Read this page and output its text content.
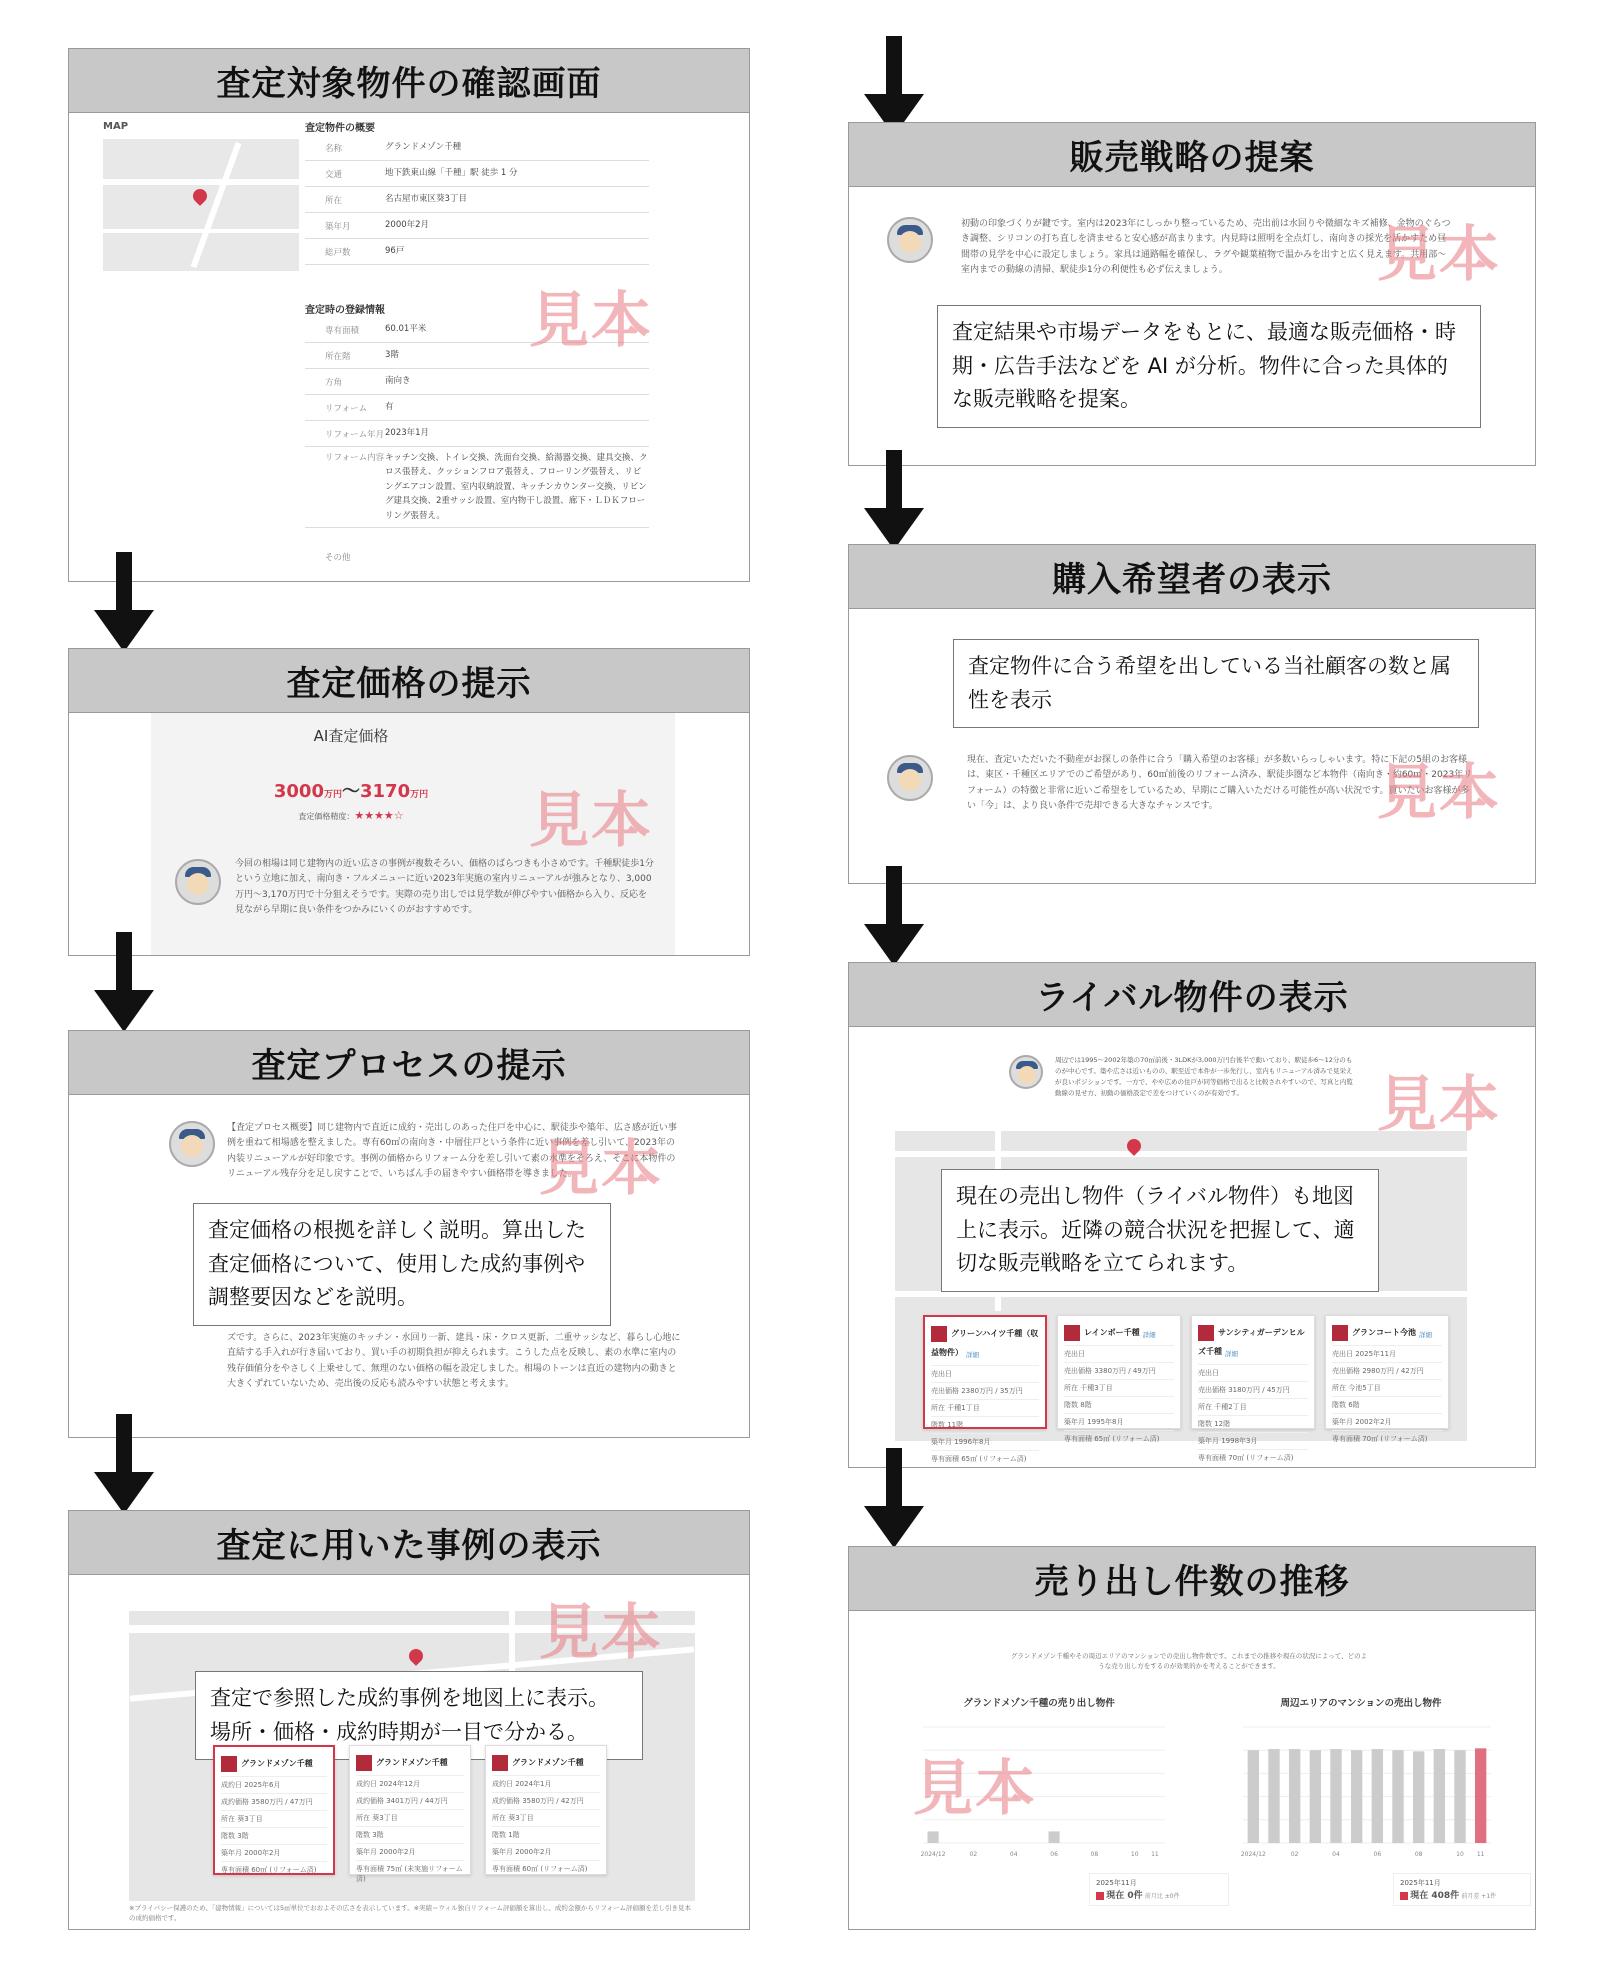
査定対象物件の確認画面
MAP	査定物件の概要
名称	グランドメゾン千種
交通	地下鉄東山線「千種」駅 徒歩 1 分
所在	名古屋市東区葵3丁目
築年月	2000年2月
総戸数	96戸
査定時の登録情報
専有面積	60.01平米
所在階	3階
方角	南向き
リフォーム	有
リフォーム年月 2023年1月
リフォーム内容 キッチン交換、トイレ交換、洗面台交換、給湯器交換、建具交換、クロス張替え、クッションフロア張替え、フローリング張替え、リビングエアコン設置、室内収納設置、キッチンカウンター交換、リビング建具交換、2重サッシ設置、室内物干し設置、廊下・ＬＤＫフローリング張替え。
その他
見本
査定価格の提示
AI査定価格
3000万円〜3170万円
査定価格精度：★★★★☆
今回の相場は同じ建物内の近い広さの事例が複数そろい、価格のばらつきも小さめです。千種駅徒歩1分という立地に加え、南向き・フルメニューに近い2023年実施の室内リニューアルが強みとなり、3,000万円〜3,170万円で十分狙えそうです。実際の売り出しでは見学数が伸びやすい価格から入り、反応を見ながら早期に良い条件をつかみにいくのがおすすめです。
見本
査定プロセスの提示
【査定プロセス概要】同じ建物内で直近に成約・売出しのあった住戸を中心に、駅徒歩や築年、広さ感が近い事例を重ねて相場感を整えました。専有60㎡の南向き・中層住戸という条件に近い事例を差し引いて、2023年の内装リニューアルが好印象です。事例の価格からリフォーム分を差し引いて素の水準をそろえ、そこに本物件のリニューアル残存分を足し戻すことで、いちばん手の届きやすい価格帯を導きました。
査定価格の根拠を詳しく説明。算出した査定価格について、使用した成約事例や調整要因などを説明。
ズです。さらに、2023年実施のキッチン・水回り一新、建具・床・クロス更新、二重サッシなど、暮らし心地に直結する手入れが行き届いており、買い手の初期負担が抑えられます。こうした点を反映し、素の水準に室内の残存価値分をやさしく上乗せして、無理のない価格の幅を設定しました。相場のトーンは直近の建物内の動きと大きくずれていないため、売出後の反応も読みやすい状態と考えます。
見本
査定に用いた事例の表示
査定で参照した成約事例を地図上に表示。場所・価格・成約時期が一目で分かる。
グランドメゾン千種
成約日 2025年6月
成約価格 3580万円 / 47万円
所在 葵3丁目
階数 3階
築年月 2000年2月
専有面積 60㎡ (リフォーム済)
グランドメゾン千種
成約日 2024年12月
成約価格 3401万円 / 44万円
所在 葵3丁目
階数 3階
築年月 2000年2月
専有面積 75㎡ (未実施リフォーム済)
グランドメゾン千種
成約日 2024年1月
成約価格 3580万円 / 42万円
所在 葵3丁目
階数 1階
築年月 2000年2月
専有面積 60㎡ (リフォーム済)
※プライバシー保護のため、「建物情報」については5㎡単位でおおよその広さを表示しています。※実績＝ウィル独自リフォーム評価額を算出し、成約金額からリフォーム評価額を差し引き見本の成約価格です。
見本
販売戦略の提案
初動の印象づくりが鍵です。室内は2023年にしっかり整っているため、売出前は水回りや微細なキズ補修、金物のぐらつき調整、シリコンの打ち直しを済ませると安心感が高まります。内見時は照明を全点灯し、南向きの採光を活かすため昼間帯の見学を中心に設定しましょう。家具は通路幅を確保し、ラグや観葉植物で温かみを出すと広く見えます。共用部〜室内までの動線の清掃、駅徒歩1分の利便性も必ず伝えましょう。
査定結果や市場データをもとに、最適な販売価格・時期・広告手法などを AI が分析。物件に合った具体的な販売戦略を提案。
見本
購入希望者の表示
査定物件に合う希望を出している当社顧客の数と属性を表示
現在、査定いただいた不動産がお探しの条件に合う「購入希望のお客様」が多数いらっしゃいます。特に下記の5組のお客様は、東区・千種区エリアでのご希望があり、60㎡前後のリフォーム済み、駅徒歩圏など本物件（南向き・約60㎡・2023年リフォーム）の特徴と非常に近いご希望をしているため、早期にご購入いただける可能性が高い状況です。買いたいお客様が多い「今」は、より良い条件で売却できる大きなチャンスです。	見本
ライバル物件の表示
周辺では1995〜2002年築の70㎡前後・3LDKが3,000万円台後半で動いており、駅徒歩6〜12分のものが中心です。築や広さは近いものの、駅至近で本件が一歩先行し、室内もリニューアル済みで見栄えが良いポジションです。一方で、やや広めの住戸が同等価格で出ると比較されやすいので、写真と内覧動線の見せ方、初動の価格設定で差をつけていくのが有効です。
現在の売出し物件（ライバル物件）も地図上に表示。近隣の競合状況を把握して、適切な販売戦略を立てられます。
グリーンハイツ千種（収益物件） 詳細
売出日
売出価格 2380万円 / 35万円
所在 千種1丁目
階数 11階
築年月 1996年8月
専有面積 65㎡ (リフォーム済)
レインボー千種 詳細
売出日
売出価格 3380万円 / 49万円
所在 千種3丁目
階数 8階
築年月 1995年8月
専有面積 65㎡ (リフォーム済)
サンシティガーデンヒルズ千種 詳細
売出日
売出価格 3180万円 / 45万円
所在 千種2丁目
階数 12階
築年月 1998年3月
専有面積 70㎡ (リフォーム済)
グランコート今池 詳細
売出日 2025年11月
売出価格 2980万円 / 42万円
所在 今池5丁目
階数 6階
築年月 2002年2月
専有面積 70㎡ (リフォーム済)
見本
売り出し件数の推移
グランドメゾン千種やその周辺エリアのマンションでの売出し物件数です。これまでの推移や現在の状況によって、どのような売り出し方をするのが効果的かを考えることができます。
グランドメゾン千種の売り出し物件
2024/12	02	04	06	08	10 11
2025年11月
現在 0件 前月比 ±0件
周辺エリアのマンションの売出し物件
2024/12	02	04	06	08	10 11
2025年11月
現在 408件 前月差 +1件
見本
